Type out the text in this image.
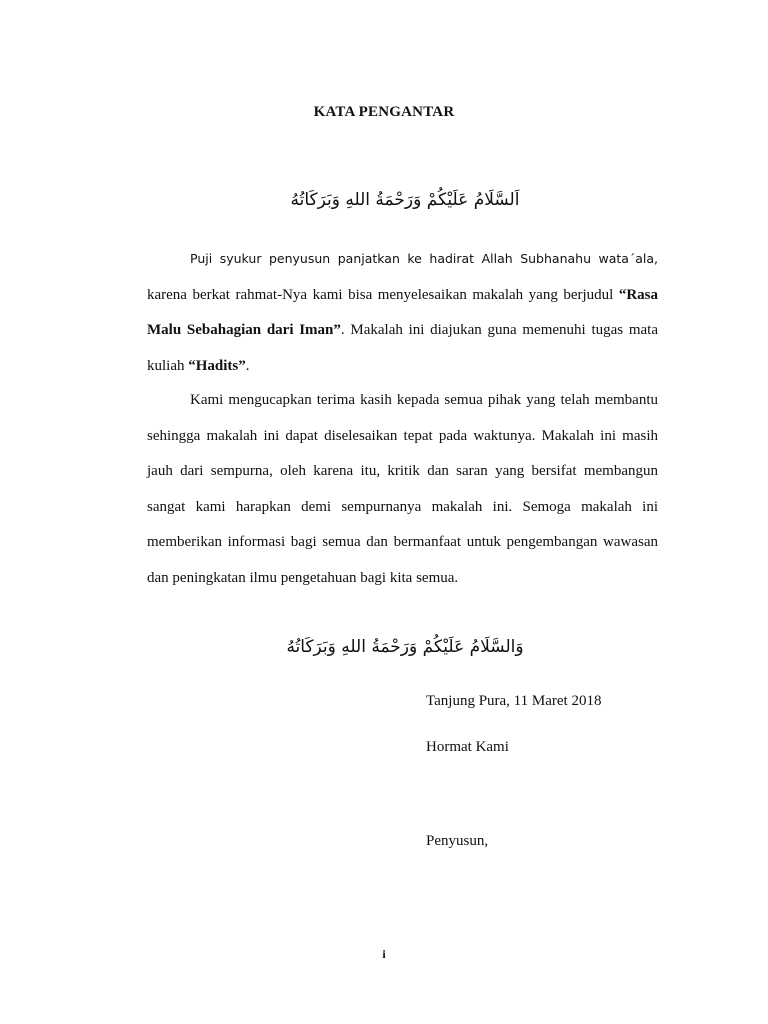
KATA PENGANTAR
اَلسَّلَامُ عَلَيْكُمْ وَرَحْمَةُ اللهِ وَبَرَكَاتُهُ

Puji syukur penyusun panjatkan ke hadirat Allah Subhanahu wata´ala, karena berkat rahmat-Nya kami bisa menyelesaikan makalah yang berjudul “Rasa Malu Sebahagian dari Iman”. Makalah ini diajukan guna memenuhi tugas mata kuliah “Hadits”.

Kami mengucapkan terima kasih kepada semua pihak yang telah membantu sehingga makalah ini dapat diselesaikan tepat pada waktunya. Makalah ini masih jauh dari sempurna, oleh karena itu, kritik dan saran yang bersifat membangun sangat kami harapkan demi sempurnanya makalah ini. Semoga makalah ini memberikan informasi bagi semua dan bermanfaat untuk pengembangan wawasan dan peningkatan ilmu pengetahuan bagi kita semua.

وَالسَّلَامُ عَلَيْكُمْ وَرَحْمَةُ اللهِ وَبَرَكَاتُهُ
Tanjung Pura, 11 Maret 2018
Hormat Kami
Penyusun,
i
